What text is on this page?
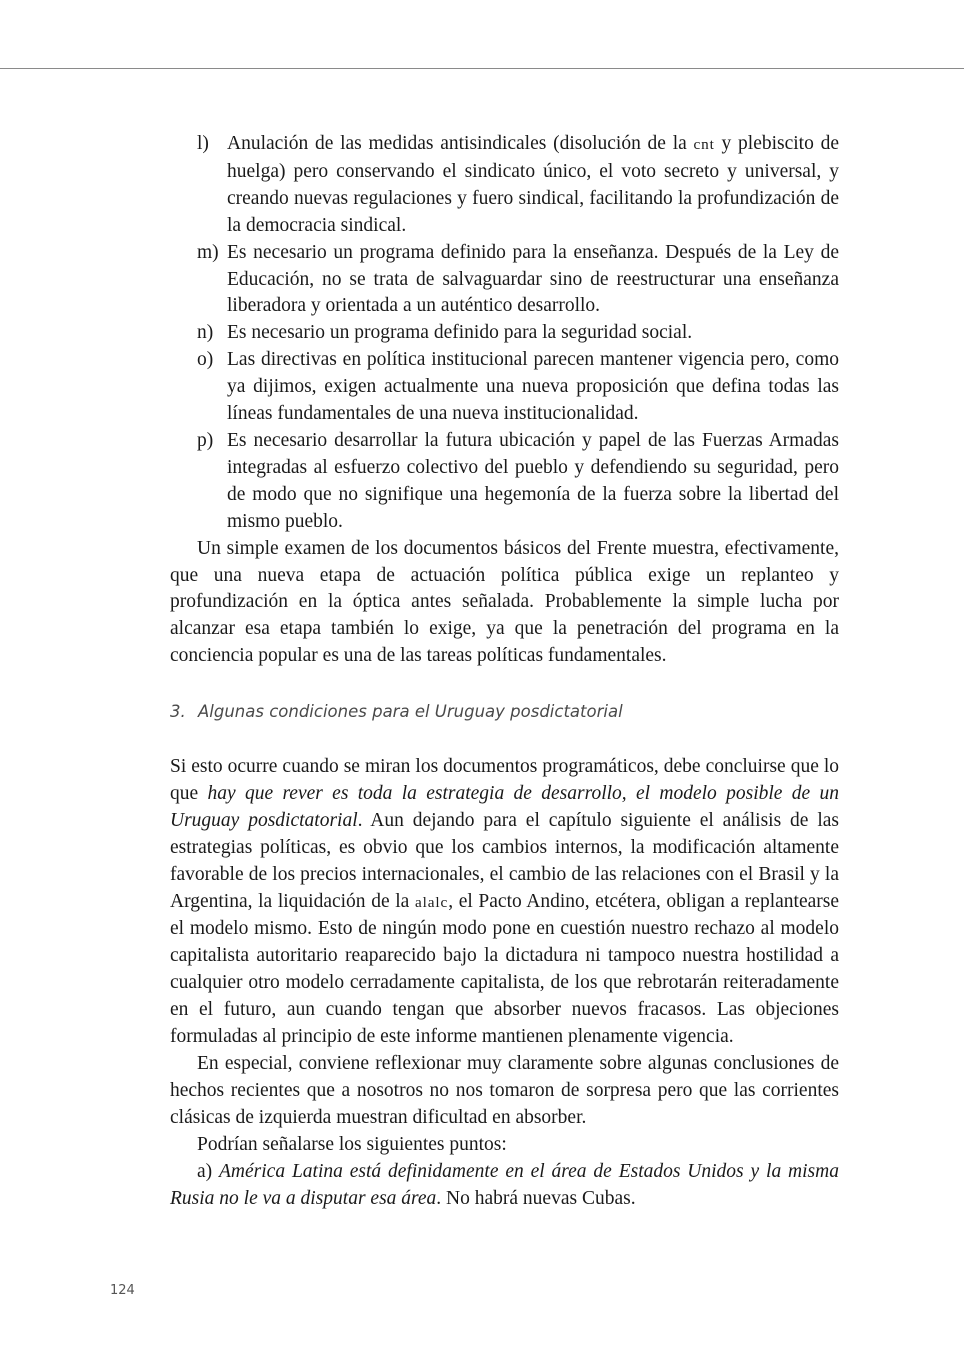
l) Anulación de las medidas antisindicales (disolución de la cnt y plebiscito de huelga) pero conservando el sindicato único, el voto secreto y universal, y creando nuevas regulaciones y fuero sindical, facilitando la profundización de la democracia sindical.
m) Es necesario un programa definido para la enseñanza. Después de la Ley de Educación, no se trata de salvaguardar sino de reestructurar una enseñanza liberadora y orientada a un auténtico desarrollo.
n) Es necesario un programa definido para la seguridad social.
o) Las directivas en política institucional parecen mantener vigencia pero, como ya dijimos, exigen actualmente una nueva proposición que defina todas las líneas fundamentales de una nueva institucionalidad.
p) Es necesario desarrollar la futura ubicación y papel de las Fuerzas Armadas integradas al esfuerzo colectivo del pueblo y defendiendo su seguridad, pero de modo que no signifique una hegemonía de la fuerza sobre la libertad del mismo pueblo.
Un simple examen de los documentos básicos del Frente muestra, efectivamente, que una nueva etapa de actuación política pública exige un replanteo y profundización en la óptica antes señalada. Probablemente la simple lucha por alcanzar esa etapa también lo exige, ya que la penetración del programa en la conciencia popular es una de las tareas políticas fundamentales.
3. Algunas condiciones para el Uruguay posdictatorial
Si esto ocurre cuando se miran los documentos programáticos, debe concluirse que lo que hay que rever es toda la estrategia de desarrollo, el modelo posible de un Uruguay posdictatorial. Aun dejando para el capítulo siguiente el análisis de las estrategias políticas, es obvio que los cambios internos, la modificación altamente favorable de los precios internacionales, el cambio de las relaciones con el Brasil y la Argentina, la liquidación de la alalc, el Pacto Andino, etcétera, obligan a replantearse el modelo mismo. Esto de ningún modo pone en cuestión nuestro rechazo al modelo capitalista autoritario reaparecido bajo la dictadura ni tampoco nuestra hostilidad a cualquier otro modelo cerradamente capitalista, de los que rebrotarán reiteradamente en el futuro, aun cuando tengan que absorber nuevos fracasos. Las objeciones formuladas al principio de este informe mantienen plenamente vigencia.
En especial, conviene reflexionar muy claramente sobre algunas conclusiones de hechos recientes que a nosotros no nos tomaron de sorpresa pero que las corrientes clásicas de izquierda muestran dificultad en absorber.
Podrían señalarse los siguientes puntos:
a) América Latina está definidamente en el área de Estados Unidos y la misma Rusia no le va a disputar esa área. No habrá nuevas Cubas.
124
